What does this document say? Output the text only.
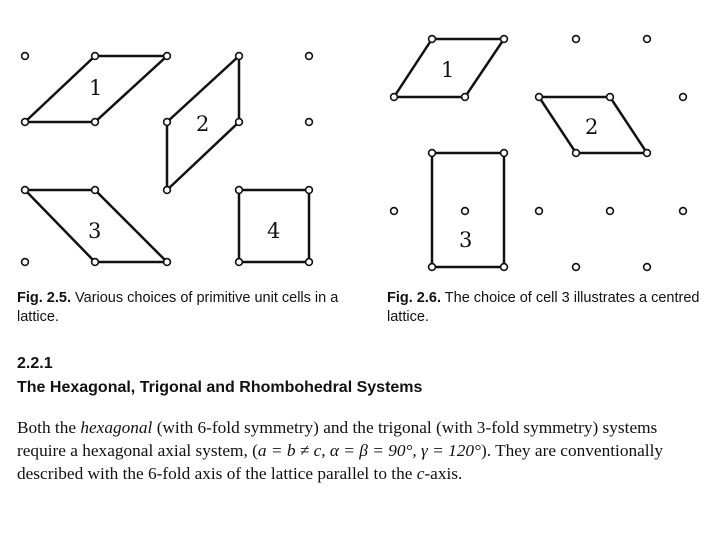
1
2
3	4
1
2
3
Fig. 2.5. Various choices of primitive unit cells in a lattice.
Fig. 2.6. The choice of cell 3 illustrates a centred lattice.
2.2.1
The Hexagonal, Trigonal and Rhombohedral Systems

Both the hexagonal (with 6-fold symmetry) and the trigonal (with 3-fold symmetry) systems require a hexagonal axial system, (a = b ≠ c, α = β = 90°, γ = 120°). They are conventionally described with the 6-fold axis of the lattice parallel to the c-axis.
